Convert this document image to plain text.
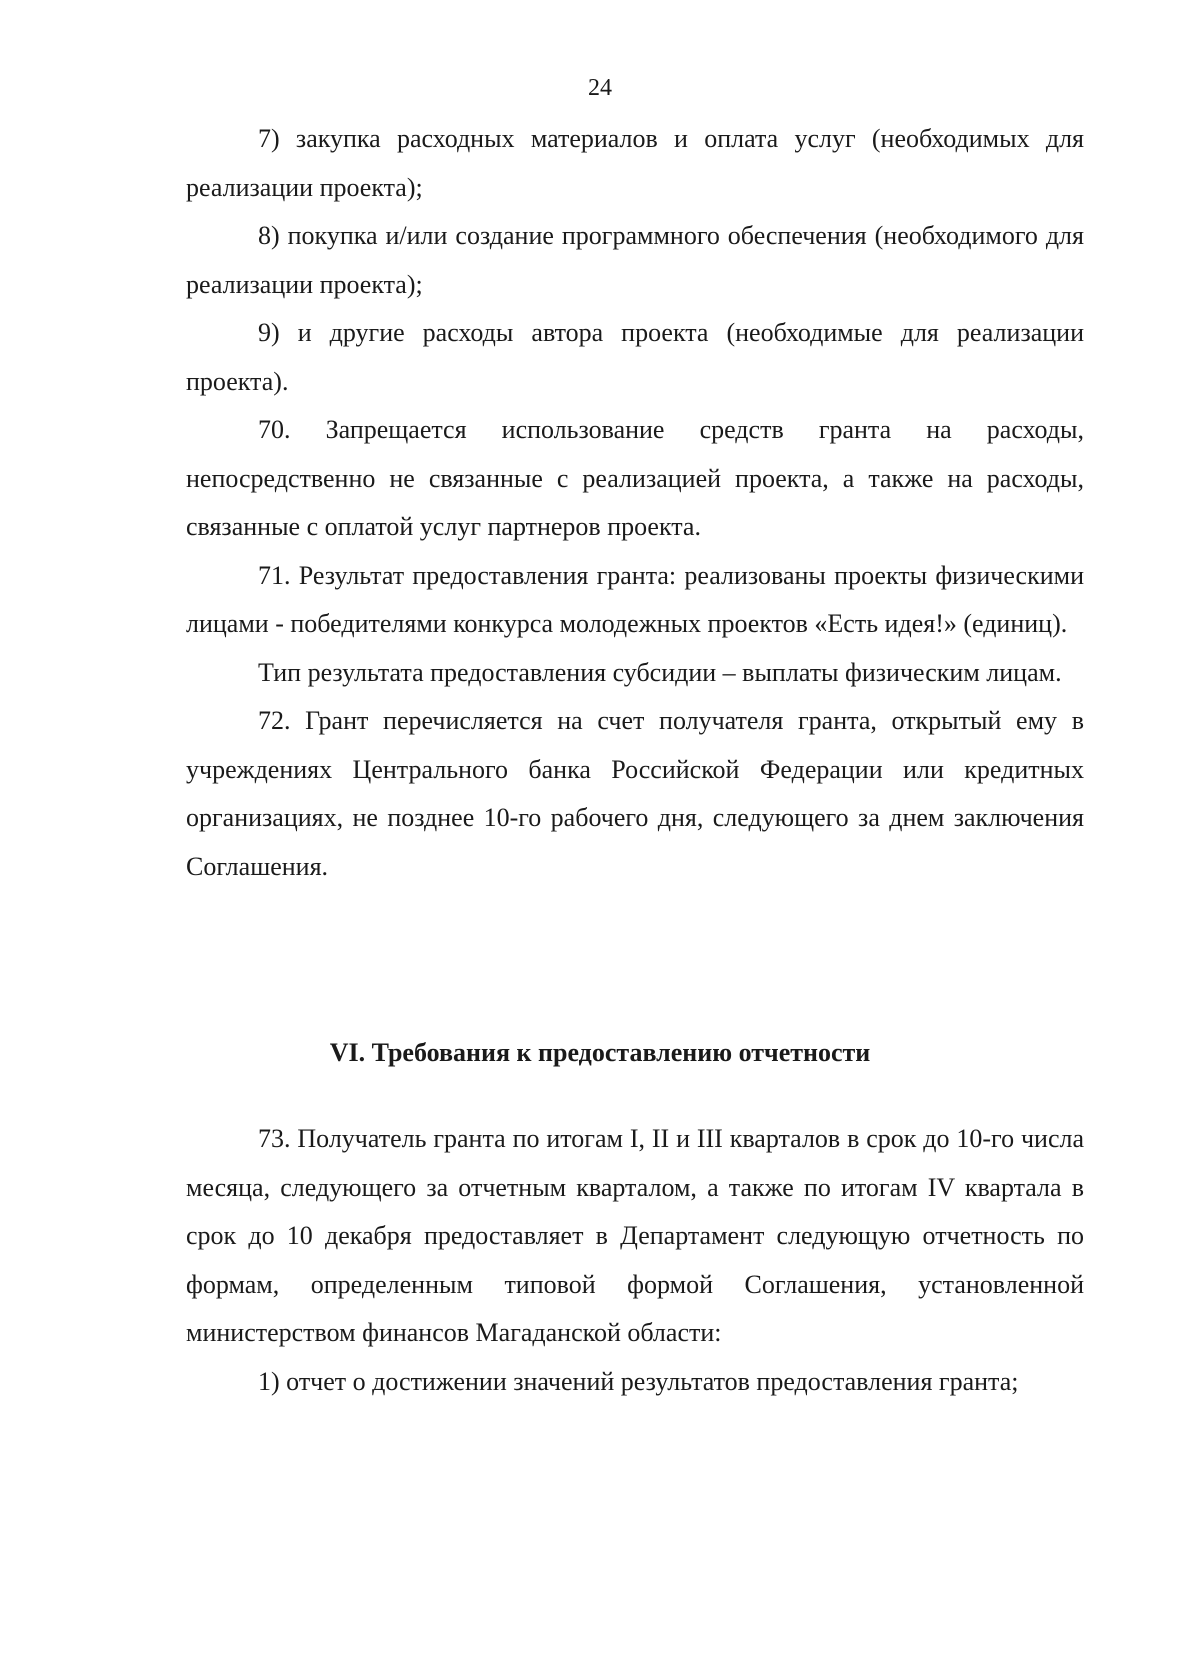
24

7) закупка расходных материалов и оплата услуг (необходимых для реализации проекта);

8) покупка и/или создание программного обеспечения (необходимого для реализации проекта);

9) и другие расходы автора проекта (необходимые для реализации проекта).

70. Запрещается использование средств гранта на расходы, непосредственно не связанные с реализацией проекта, а также на расходы, связанные с оплатой услуг партнеров проекта.

71. Результат предоставления гранта: реализованы проекты физическими лицами - победителями конкурса молодежных проектов «Есть идея!» (единиц).

Тип результата предоставления субсидии – выплаты физическим лицам.

72. Грант перечисляется на счет получателя гранта, открытый ему в учреждениях Центрального банка Российской Федерации или кредитных организациях, не позднее 10-го рабочего дня, следующего за днем заключения Соглашения.

VI. Требования к предоставлению отчетности

73. Получатель гранта по итогам I, II и III кварталов в срок до 10-го числа месяца, следующего за отчетным кварталом, а также по итогам IV квартала в срок до 10 декабря предоставляет в Департамент следующую отчетность по формам, определенным типовой формой Соглашения, установленной министерством финансов Магаданской области:

1) отчет о достижении значений результатов предоставления гранта;
